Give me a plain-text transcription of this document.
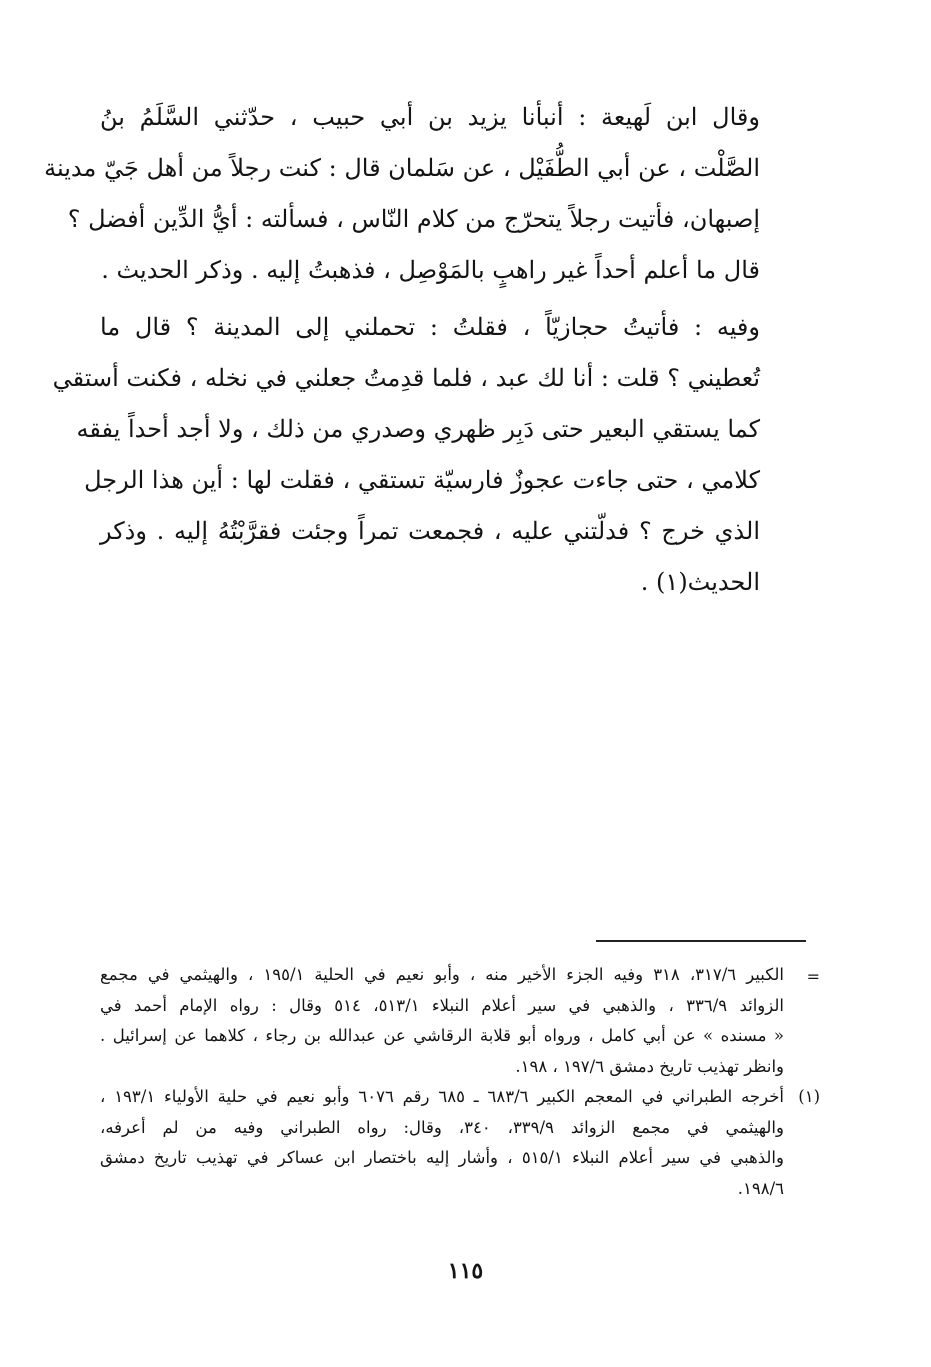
وقال ابن لَهيعة : أنبأنا يزيد بن أبي حبيب ، حدّثني السَّلَمُ بنُ
الصَّلْت ، عن أبي الطُّفَيْل ، عن سَلمان قال : كنت رجلاً من أهل جَيّ مدينة
إصبهان، فأتيت رجلاً يتحرّج من كلام النّاس ، فسألته : أيُّ الدِّين أفضل ؟
قال ما أعلم أحداً غير راهبٍ بالمَوْصِل ، فذهبتُ إليه . وذكر الحديث .

وفيه : فأتيتُ حجازيّاً ، فقلتُ : تحملني إلى المدينة ؟ قال ما
تُعطيني ؟ قلت : أنا لك عبد ، فلما قدِمتُ جعلني في نخله ، فكنت أستقي
كما يستقي البعير حتى دَبِر ظهري وصدري من ذلك ، ولا أجد أحداً يفقه
كلامي ، حتى جاءت عجوزٌ فارسيّة تستقي ، فقلت لها : أين هذا الرجل
الذي خرج ؟ فدلّتني عليه ، فجمعت تمراً وجئت فقرَّبْتُهُ إليه . وذكر
الحديث(١) .

=
الكبير ٣١٧/٦، ٣١٨ وفيه الجزء الأخير منه ، وأبو نعيم في الحلية ١٩٥/١ ، والهيثمي في مجمع
الزوائد ٣٣٦/٩ ، والذهبي في سير أعلام النبلاء ٥١٣/١، ٥١٤ وقال : رواه الإمام أحمد في
« مسنده » عن أبي كامل ، ورواه أبو قلابة الرقاشي عن عبدالله بن رجاء ، كلاهما عن إسرائيل .
وانظر تهذيب تاريخ دمشق ١٩٧/٦ ، ١٩٨.
(١)
أخرجه الطبراني في المعجم الكبير ٦٨٣/٦ ـ ٦٨٥ رقم ٦٠٧٦ وأبو نعيم في حلية الأولياء ١٩٣/١ ،
والهيثمي في مجمع الزوائد ٣٣٩/٩، ٣٤٠، وقال: رواه الطبراني وفيه من لم أعرفه،
والذهبي في سير أعلام النبلاء ٥١٥/١ ، وأشار إليه باختصار ابن عساكر في تهذيب تاريخ دمشق
١٩٨/٦.
١١٥
